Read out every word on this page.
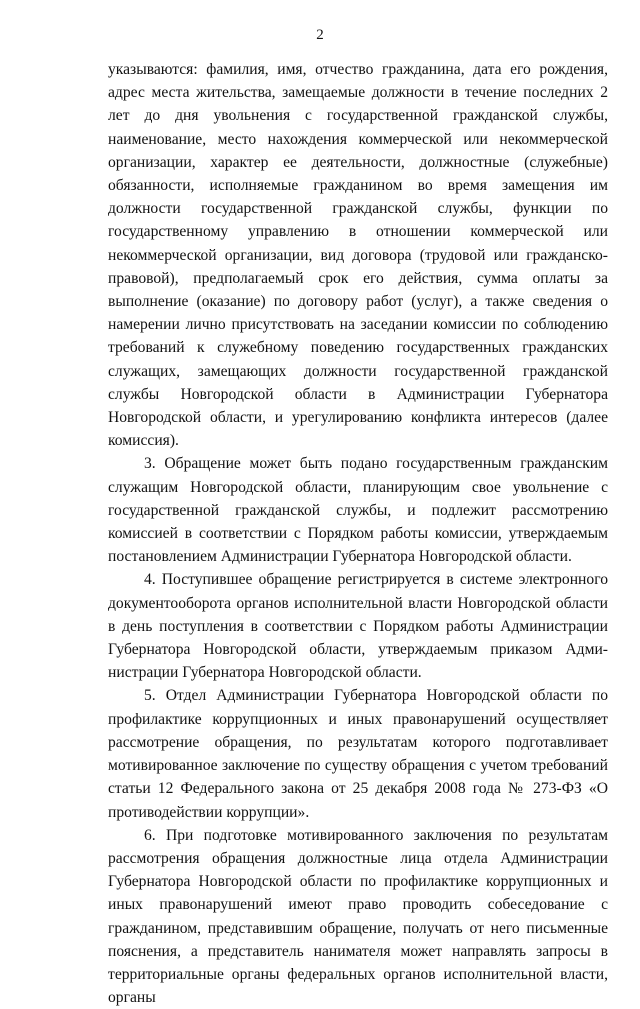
2

указываются: фамилия, имя, отчество гражданина, дата его рождения, адрес места жительства, замещаемые должности в течение последних 2 лет до дня увольнения с государственной гражданской службы, наименование, место нахождения коммерческой или некоммерческой организации, характер ее деятельности, должностные (служебные) обязанности, исполняемые гражданином во время замещения им должности государственной гражданской службы, функции по государственному управлению в отношении коммерческой или некоммерческой организации, вид договора (трудовой или гражданско-правовой), предполагаемый срок его действия, сумма оплаты за выполнение (оказание) по договору работ (услуг), а также сведения о намерении лично присутствовать на заседании комиссии по соблюдению требований к служебному поведению государственных гражданских служащих, замещающих должности государственной гражданской службы Новгородской области в Администрации Губернатора Новгородской области, и урегулированию конфликта интересов (далее комиссия).

3. Обращение может быть подано государственным гражданским служащим Новгородской области, планирующим свое увольнение с государственной гражданской службы, и подлежит рассмотрению комиссией в соответствии с Порядком работы комиссии, утверждаемым постановлением Администрации Губернатора Новгородской области.

4. Поступившее обращение регистрируется в системе электронного документооборота органов исполнительной власти Новгородской области в день поступления в соответствии с Порядком работы Администрации Губернатора Новгородской области, утверждаемым приказом Администрации Губернатора Новгородской области.

5. Отдел Администрации Губернатора Новгородской области по профилактике коррупционных и иных правонарушений осуществляет рассмотрение обращения, по результатам которого подготавливает мотивированное заключение по существу обращения с учетом требований статьи 12 Федерального закона от 25 декабря 2008 года № 273-ФЗ «О противодействии коррупции».

6. При подготовке мотивированного заключения по результатам рассмотрения обращения должностные лица отдела Администрации Губернатора Новгородской области по профилактике коррупционных и иных правонарушений имеют право проводить собеседование с гражданином, представившим обращение, получать от него письменные пояснения, а представитель нанимателя может направлять запросы в территориальные органы федеральных органов исполнительной власти, органы
